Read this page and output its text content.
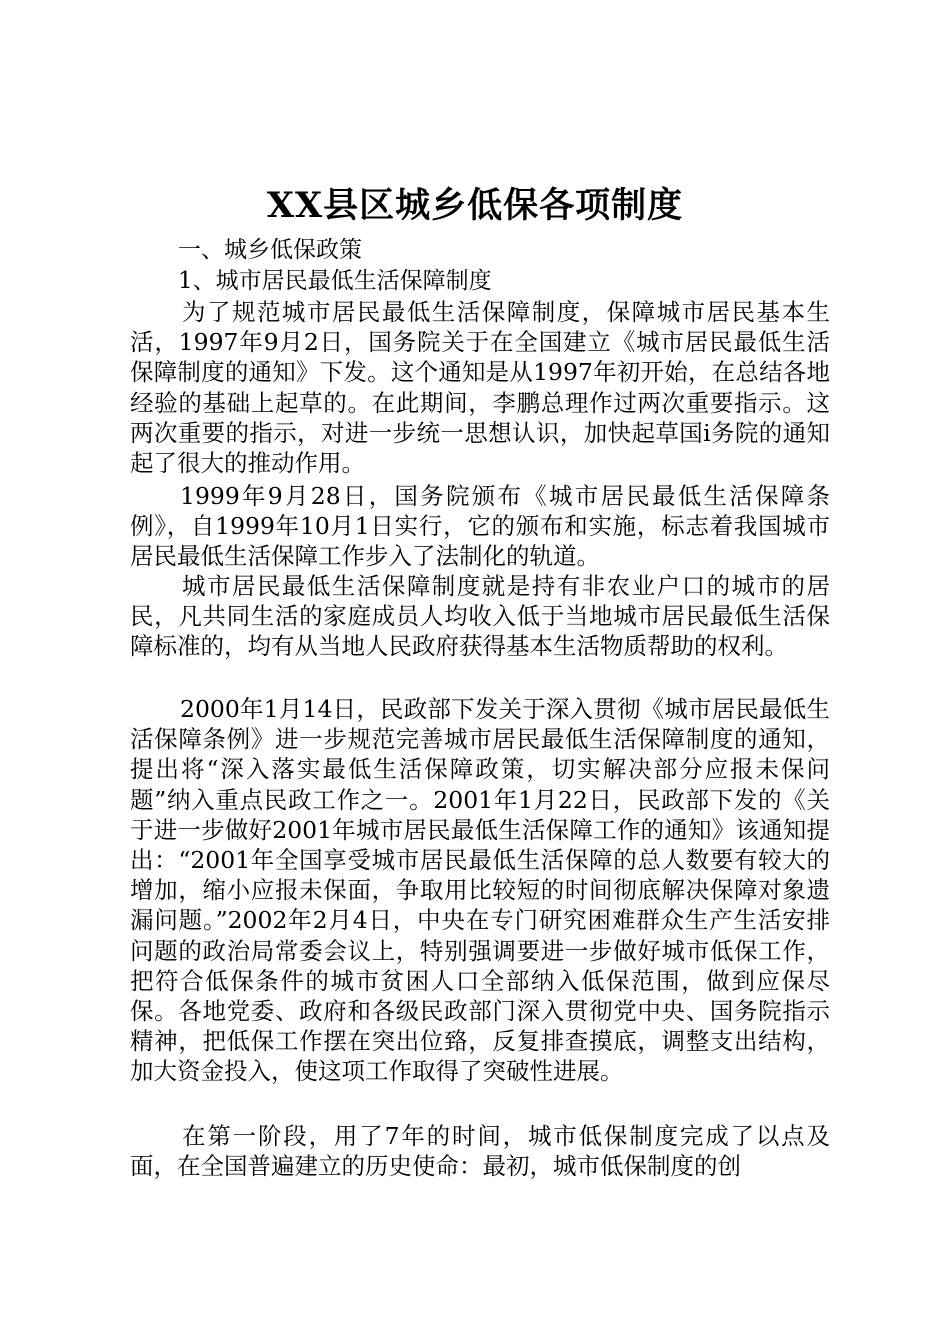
XX县区城乡低保各项制度
一、城乡低保政策
1、城市居民最低生活保障制度

为了规范城市居民最低生活保障制度，保障城市居民基本生活，1997年9月2日，国务院关于在全国建立《城市居民最低生活保障制度的通知》下发。这个通知是从1997年初开始，在总结各地经验的基础上起草的。在此期间，李鹏总理作过两次重要指示。这两次重要的指示，对进一步统一思想认识，加快起草国i务院的通知起了很大的推动作用。

1999年9月28日，国务院颁布《城市居民最低生活保障条例》，自1999年10月1日实行，它的颁布和实施，标志着我国城市居民最低生活保障工作步入了法制化的轨道。

城市居民最低生活保障制度就是持有非农业户口的城市的居民，凡共同生活的家庭成员人均收入低于当地城市居民最低生活保障标准的，均有从当地人民政府获得基本生活物质帮助的权利。

2000年1月14日，民政部下发关于深入贯彻《城市居民最低生活保障条例》进一步规范完善城市居民最低生活保障制度的通知，提出将“深入落实最低生活保障政策，切实解决部分应报未保问题”纳入重点民政工作之一。2001年1月22日，民政部下发的《关于进一步做好2001年城市居民最低生活保障工作的通知》该通知提出：“2001年全国享受城市居民最低生活保障的总人数要有较大的增加，缩小应报未保面，争取用比较短的时间彻底解决保障对象遗漏问题。”2002年2月4日，中央在专门研究困难群众生产生活安排问题的政治局常委会议上，特别强调要进一步做好城市低保工作，把符合低保条件的城市贫困人口全部纳入低保范围，做到应保尽保。各地党委、政府和各级民政部门深入贯彻党中央、国务院指示精神，把低保工作摆在突出位臵，反复排查摸底，调整支出结构，加大资金投入，使这项工作取得了突破性进展。

在第一阶段，用了7年的时间，城市低保制度完成了以点及面，在全国普遍建立的历史使命：最初，城市低保制度的创
